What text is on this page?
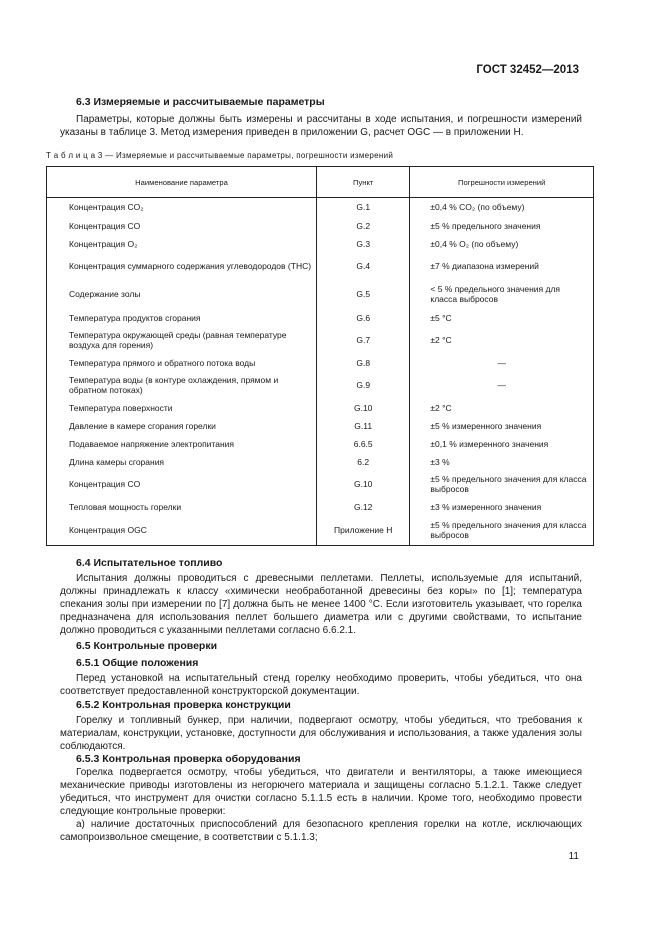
ГОСТ 32452—2013
6.3 Измеряемые и рассчитываемые параметры

Параметры, которые должны быть измерены и рассчитаны в ходе испытания, и погрешности измерений указаны в таблице 3. Метод измерения приведен в приложении G, расчет OGC — в приложении H.

Т а б л и ц а 3 — Измеряемые и рассчитываемые параметры, погрешности измерений
Наименование параметра	Пункт	Погрешности измерений
Концентрация CO₂	G.1	±0,4 % CO₂ (по объему)
Концентрация CO	G.2	±5 % предельного значения
Концентрация O₂	G.3	±0,4 % O₂ (по объему)
Концентрация суммарного содержания углеводородов (THC)	G.4	±7 % диапазона измерений
Содержание золы	G.5	< 5 % предельного значения для класса выбросов
Температура продуктов сгорания	G.6	±5 °C
Температура окружающей среды (равная температуре воздуха для горения)	G.7	±2 °C
Температура прямого и обратного потока воды	G.8	—
Температура воды (в контуре охлаждения, прямом и обратном потоках)	G.9	—
Температура поверхности	G.10	±2 °C
Давление в камере сгорания горелки	G.11	±5 % измеренного значения
Подаваемое напряжение электропитания	6.6.5	±0,1 % измеренного значения
Длина камеры сгорания	6.2	±3 %
Концентрация CO	G.10	±5 % предельного значения для класса выбросов
Тепловая мощность горелки	G.12	±3 % измеренного значения
Концентрация OGC	Приложение H	±5 % предельного значения для класса выбросов
6.4 Испытательное топливо

Испытания должны проводиться с древесными пеллетами. Пеллеты, используемые для испытаний, должны принадлежать к классу «химически необработанной древесины без коры» по [1]; температура спекания золы при измерении по [7] должна быть не менее 1400 °C. Если изготовитель указывает, что горелка предназначена для использования пеллет большего диаметра или с другими свойствами, то испытание должно проводиться с указанными пеллетами согласно 6.6.2.1.

6.5 Контрольные проверки
6.5.1 Общие положения

Перед установкой на испытательный стенд горелку необходимо проверить, чтобы убедиться, что она соответствует предоставленной конструкторской документации.

6.5.2 Контрольная проверка конструкции

Горелку и топливный бункер, при наличии, подвергают осмотру, чтобы убедиться, что требования к материалам, конструкции, установке, доступности для обслуживания и использования, а также удаления золы соблюдаются.

6.5.3 Контрольная проверка оборудования

Горелка подвергается осмотру, чтобы убедиться, что двигатели и вентиляторы, а также имеющиеся механические приводы изготовлены из негорючего материала и защищены согласно 5.1.2.1. Также следует убедиться, что инструмент для очистки согласно 5.1.1.5 есть в наличии. Кроме того, необходимо провести следующие контрольные проверки:

а) наличие достаточных приспособлений для безопасного крепления горелки на котле, исключающих самопроизвольное смещение, в соответствии с 5.1.1.3;

11
